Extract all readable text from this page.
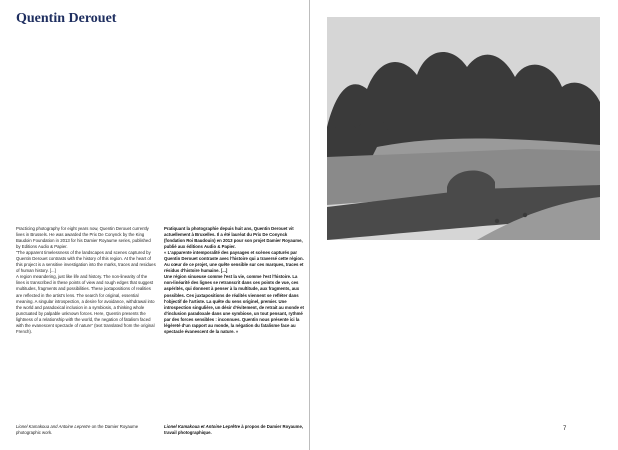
Quentin Derouet
Practicing photography for eight years now, Quentin Derouet currently lives in Brussels. He was awarded the Prix De Conynck by the King Baudoin Foundation in 2013 for his Damier Royaume series, published by Editions Audio & Papier.
“The apparent timelessness of the landscapes and scenes captured by Quentin Derouet contrasts with the history of this region. At the heart of this project is a sensitive investigation into the marks, traces and residues of human history. [...]
A region meandering, just like life and history. The non-linearity of the lines is transcribed in these points of view and rough edges that suggest multitudes, fragments and possibilities. These juxtapositions of realities are reflected in the artist's lens. The search for original, essential meaning. A singular introspection, a desire for avoidance, withdrawal into the world and paradoxical inclusion in a symbiosis, a thinking whole punctuated by palpable unknown forces. Here, Quentin presents the lightness of a relationship with the world, the negation of fatalism faced with the evanescent spectacle of nature” (text translated from the original French).
Pratiquant la photographie depuis huit ans, Quentin Derouet vit actuellement à Bruxelles. Il a été lauréat du Prix De Conynck (fondation Roi Baudouin) en 2013 pour son projet Damier Royaume, publié aux éditions Audio & Papier.
« L'apparente intemporalité des paysages et scènes capturés par Quentin Derouet contraste avec l'histoire qui a traversé cette région. Au cœur de ce projet, une quête sensible sur ces marques, traces et résidus d'histoire humaine. [...]
Une région sinueuse comme l'est la vie, comme l'est l'histoire. La non-linéarité des lignes se retranscrit dans ces points de vue, ces aspérités, qui donnent à penser à la multitude, aux fragments, aux possibles. Ces juxtapositions de réalités viennent se refléter dans l'objectif de l'artiste. La quête du sens originel, premier. Une introspection singulière, un désir d'évitement, de retrait au monde et d'inclusion paradoxale dans une symbiose, un tout pensant, rythmé par des forces sensibles : inconnues. Quentin nous présente ici la légèreté d'un rapport au monde, la négation du fatalisme face au spectacle évanescent de la nature. »
Lionel Kamakoua and Antoine Lepretre on the Damier Royaume photographic work.
Lionel Kamakoua et Antoine Leprêtre à propos de Damier Royaume, travail photographique.
7
